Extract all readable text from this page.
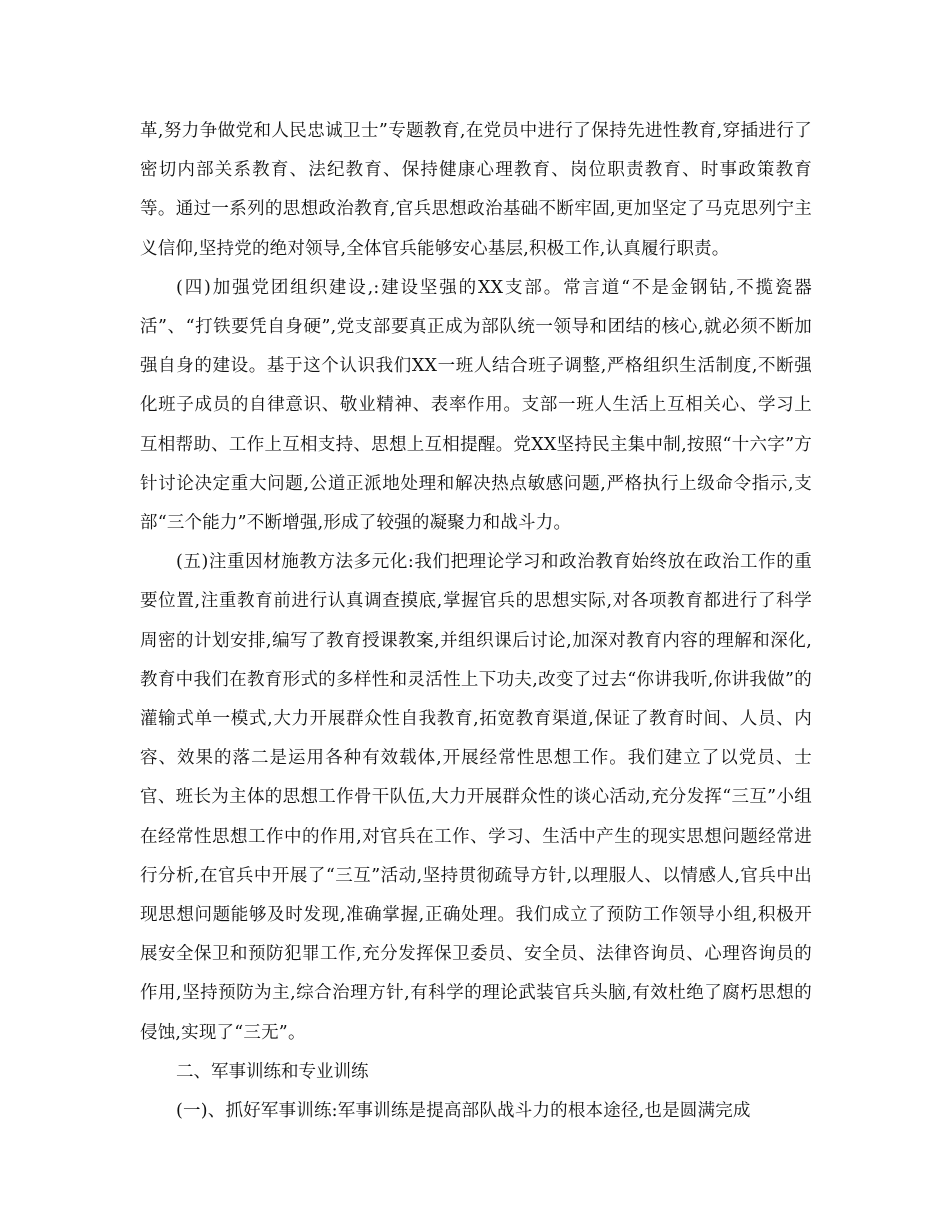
革,努力争做党和人民忠诚卫士”专题教育,在党员中进行了保持先进性教育,穿插进行了密切内部关系教育、法纪教育、保持健康心理教育、岗位职责教育、时事政策教育等。通过一系列的思想政治教育,官兵思想政治基础不断牢固,更加坚定了马克思列宁主义信仰,坚持党的绝对领导,全体官兵能够安心基层,积极工作,认真履行职责。

(四)加强党团组织建设,:建设坚强的XX支部。常言道“不是金钢钻,不揽瓷器活”、“打铁要凭自身硬”,党支部要真正成为部队统一领导和团结的核心,就必须不断加强自身的建设。基于这个认识我们XX一班人结合班子调整,严格组织生活制度,不断强化班子成员的自律意识、敬业精神、表率作用。支部一班人生活上互相关心、学习上互相帮助、工作上互相支持、思想上互相提醒。党XX坚持民主集中制,按照“十六字”方针讨论决定重大问题,公道正派地处理和解决热点敏感问题,严格执行上级命令指示,支部“三个能力”不断增强,形成了较强的凝聚力和战斗力。

(五)注重因材施教方法多元化:我们把理论学习和政治教育始终放在政治工作的重要位置,注重教育前进行认真调查摸底,掌握官兵的思想实际,对各项教育都进行了科学周密的计划安排,编写了教育授课教案,并组织课后讨论,加深对教育内容的理解和深化,教育中我们在教育形式的多样性和灵活性上下功夫,改变了过去“你讲我听,你讲我做”的灌输式单一模式,大力开展群众性自我教育,拓宽教育渠道,保证了教育时间、人员、内容、效果的落二是运用各种有效载体,开展经常性思想工作。我们建立了以党员、士官、班长为主体的思想工作骨干队伍,大力开展群众性的谈心活动,充分发挥“三互”小组在经常性思想工作中的作用,对官兵在工作、学习、生活中产生的现实思想问题经常进行分析,在官兵中开展了“三互”活动,坚持贯彻疏导方针,以理服人、以情感人,官兵中出现思想问题能够及时发现,准确掌握,正确处理。我们成立了预防工作领导小组,积极开展安全保卫和预防犯罪工作,充分发挥保卫委员、安全员、法律咨询员、心理咨询员的作用,坚持预防为主,综合治理方针,有科学的理论武装官兵头脑,有效杜绝了腐朽思想的侵蚀,实现了“三无”。

二、军事训练和专业训练

(一)、抓好军事训练:军事训练是提高部队战斗力的根本途径,也是圆满完成
